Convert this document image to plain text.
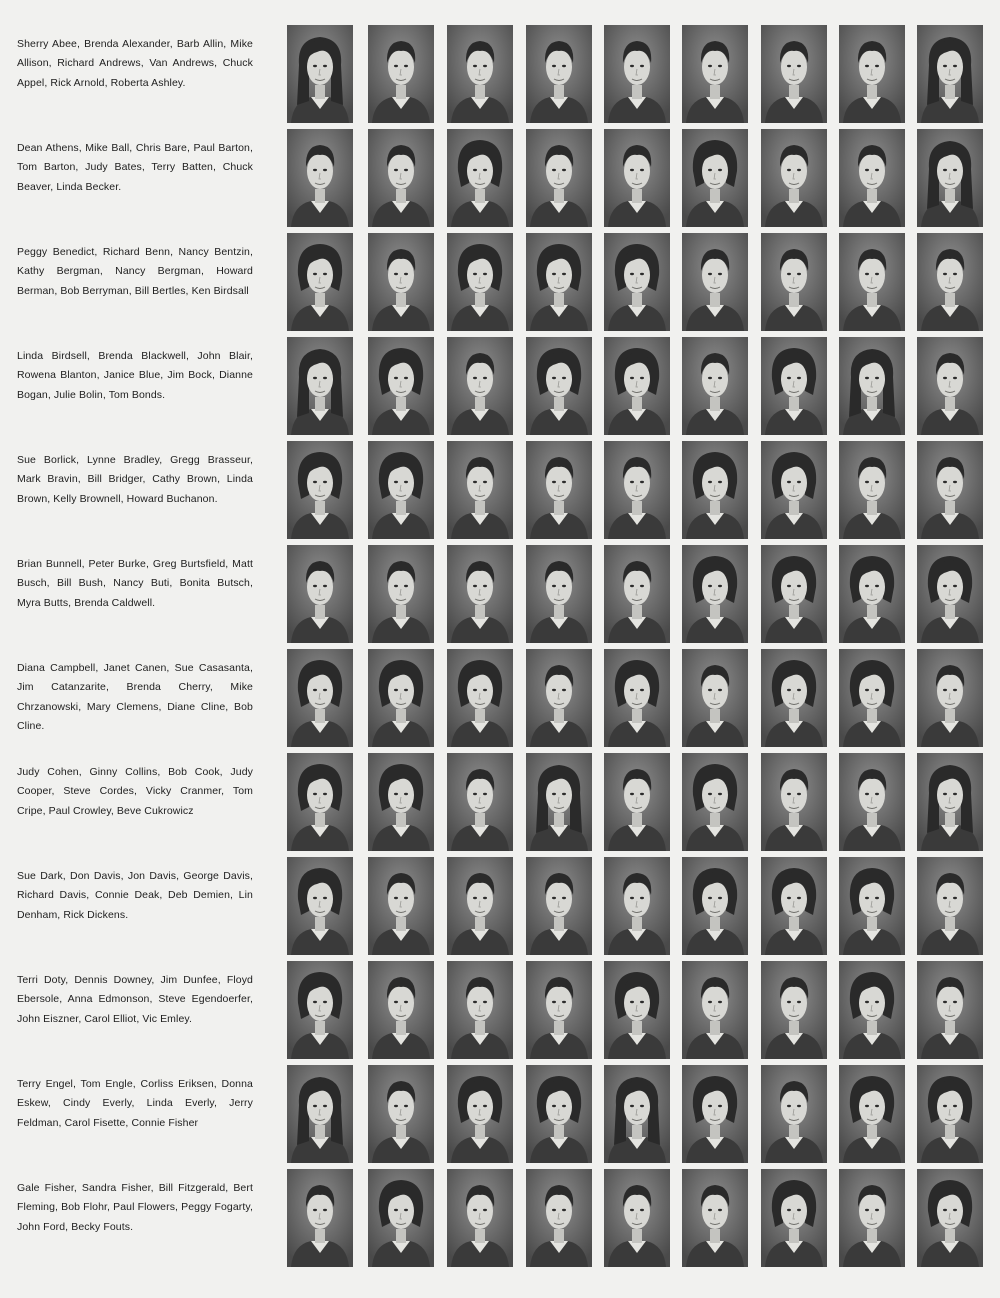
Sherry Abee, Brenda Alexander, Barb Allin, Mike Allison, Richard Andrews, Van Andrews, Chuck Appel, Rick Arnold, Roberta Ashley.
Dean Athens, Mike Ball, Chris Bare, Paul Barton, Tom Barton, Judy Bates, Terry Batten, Chuck Beaver, Linda Becker.
Peggy Benedict, Richard Benn, Nancy Bentzin, Kathy Bergman, Nancy Bergman, Howard Berman, Bob Berryman, Bill Bertles, Ken Birdsall
Linda Birdsell, Brenda Blackwell, John Blair, Rowena Blanton, Janice Blue, Jim Bock, Dianne Bogan, Julie Bolin, Tom Bonds.
Sue Borlick, Lynne Bradley, Gregg Brasseur, Mark Bravin, Bill Bridger, Cathy Brown, Linda Brown, Kelly Brownell, Howard Buchanon.
Brian Bunnell, Peter Burke, Greg Burtsfield, Matt Busch, Bill Bush, Nancy Buti, Bonita Butsch, Myra Butts, Brenda Caldwell.
Diana Campbell, Janet Canen, Sue Casasanta, Jim Catanzarite, Brenda Cherry, Mike Chrzanowski, Mary Clemens, Diane Cline, Bob Cline.
Judy Cohen, Ginny Collins, Bob Cook, Judy Cooper, Steve Cordes, Vicky Cranmer, Tom Cripe, Paul Crowley, Beve Cukrowicz
Sue Dark, Don Davis, Jon Davis, George Davis, Richard Davis, Connie Deak, Deb Demien, Lin Denham, Rick Dickens.
Terri Doty, Dennis Downey, Jim Dunfee, Floyd Ebersole, Anna Edmonson, Steve Egendoerfer, John Eiszner, Carol Elliot, Vic Emley.
Terry Engel, Tom Engle, Corliss Eriksen, Donna Eskew, Cindy Everly, Linda Everly, Jerry Feldman, Carol Fisette, Connie Fisher
Gale Fisher, Sandra Fisher, Bill Fitzgerald, Bert Fleming, Bob Flohr, Paul Flowers, Peggy Fogarty, John Ford, Becky Fouts.
